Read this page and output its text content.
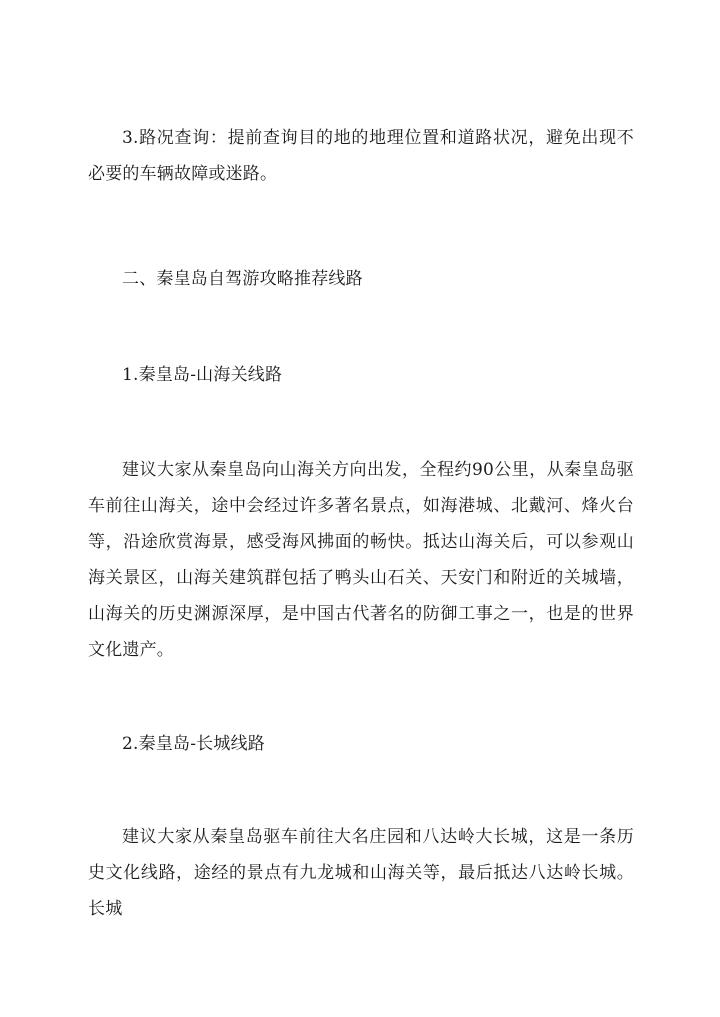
3.路况查询：提前查询目的地的地理位置和道路状况，避免出现不必要的车辆故障或迷路。

二、秦皇岛自驾游攻略推荐线路

1.秦皇岛-山海关线路

建议大家从秦皇岛向山海关方向出发，全程约90公里，从秦皇岛驱车前往山海关，途中会经过许多著名景点，如海港城、北戴河、烽火台等，沿途欣赏海景，感受海风拂面的畅快。抵达山海关后，可以参观山海关景区，山海关建筑群包括了鸭头山石关、天安门和附近的关城墙，山海关的历史渊源深厚，是中国古代著名的防御工事之一，也是的世界文化遗产。

2.秦皇岛-长城线路

建议大家从秦皇岛驱车前往大名庄园和八达岭大长城，这是一条历史文化线路，途经的景点有九龙城和山海关等，最后抵达八达岭长城。长城
